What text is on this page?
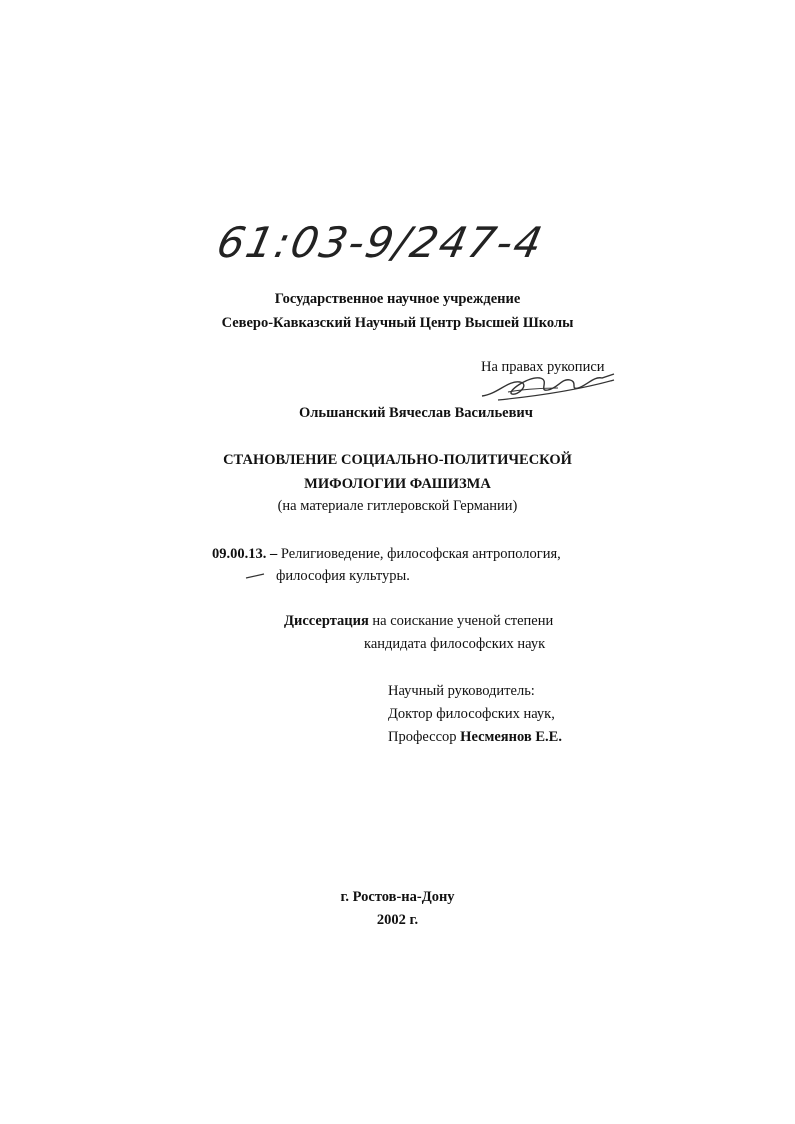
61:03-9/247-4
Государственное научное учреждение
Северо-Кавказский Научный Центр Высшей Школы
На правах рукописи
Ольшанский Вячеслав Васильевич
СТАНОВЛЕНИЕ СОЦИАЛЬНО-ПОЛИТИЧЕСКОЙ
МИФОЛОГИИ ФАШИЗМА
(на материале гитлеровской Германии)
09.00.13. – Религиоведение, философская антропология,
философия культуры.
Диссертация на соискание ученой степени
кандидата философских наук
Научный руководитель:
Доктор философских наук,
Профессор Несмеянов Е.Е.
г. Ростов-на-Дону
2002 г.
